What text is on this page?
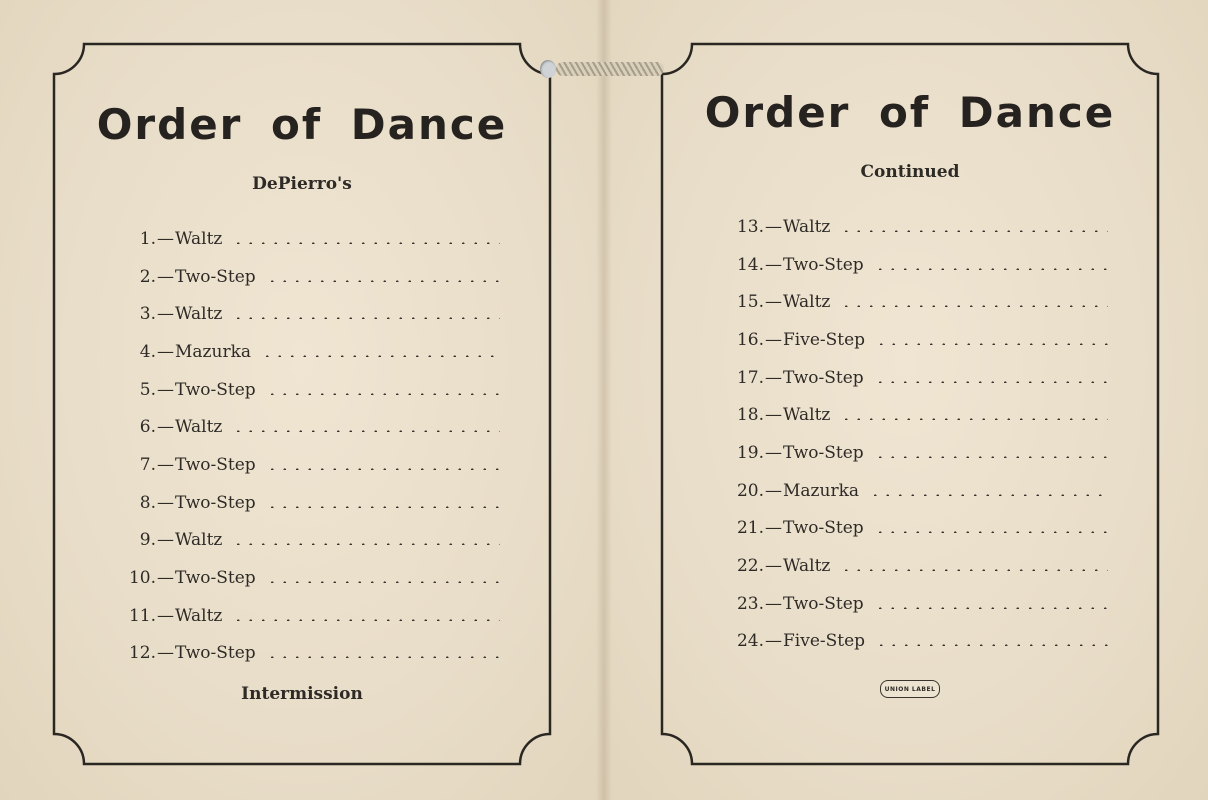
Order of Dance

DePierro's

1. — Waltz
2. — Two-Step
3. — Waltz
4. — Mazurka
5. — Two-Step
6. — Waltz
7. — Two-Step
8. — Two-Step
9. — Waltz
10. — Two-Step
11. — Waltz
12. — Two-Step

Intermission

Order of Dance

Continued

13. — Waltz
14. — Two-Step
15. — Waltz
16. — Five-Step
17. — Two-Step
18. — Waltz
19. — Two-Step
20. — Mazurka
21. — Two-Step
22. — Waltz
23. — Two-Step
24. — Five-Step
UNION LABEL
